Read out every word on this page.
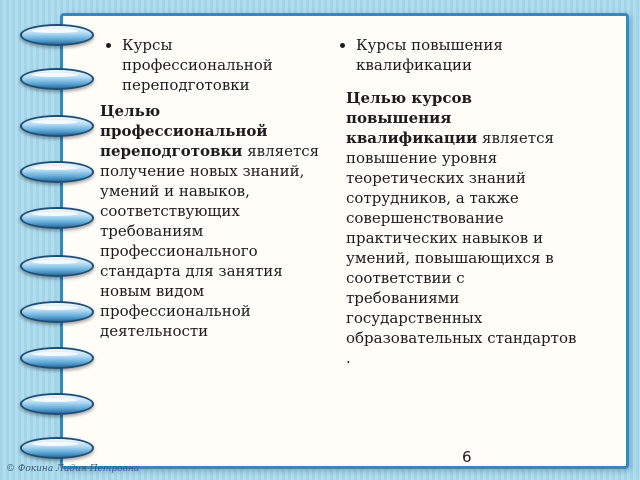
Курсы профессиональной переподготовки
Целью профессиональной переподготовки является получение новых знаний, умений и навыков, соответствующих требованиям профессионального стандарта для занятия новым видом профессиональной деятельности
Курсы повышения квалификации
Целью курсов повышения квалификации является повышение уровня теоретических знаний сотрудников, а также совершенствование практических навыков и умений, повышающихся в соответствии с требованиями государственных образовательных стандартов .
6
© Фокина Лидия Петровна
